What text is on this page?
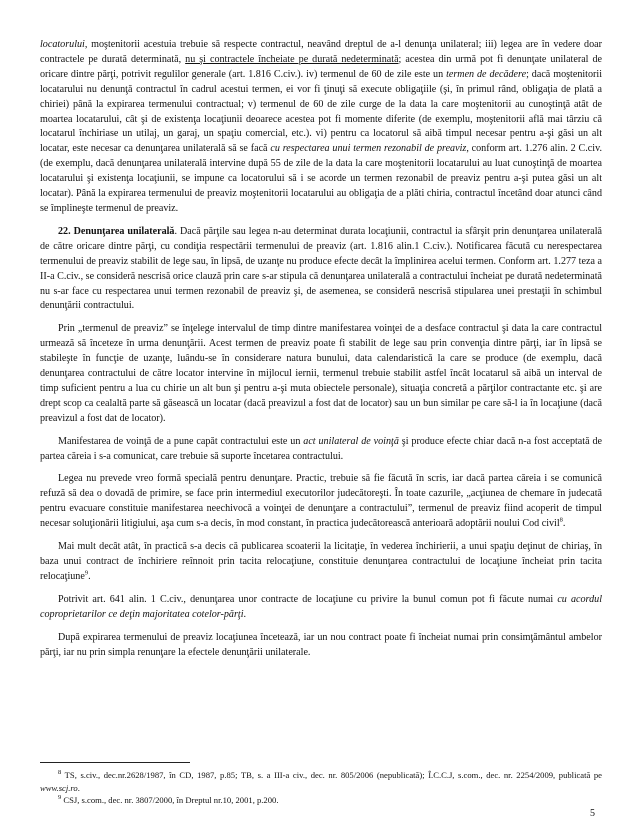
locatorului, moştenitorii acestuia trebuie să respecte contractul, neavând dreptul de a-l denunţa unilateral; iii) legea are în vedere doar contractele pe durată determinată, nu şi contractele încheiate pe durată nedeterminată; acestea din urmă pot fi denunţate unilateral de oricare dintre părţi, potrivit regulilor generale (art. 1.816 C.civ.). iv) termenul de 60 de zile este un termen de decădere; dacă moştenitorii locatarului nu denunţă contractul în cadrul acestui termen, ei vor fi ţinuţi să execute obligaţiile (şi, în primul rând, obligaţia de plată a chiriei) până la expirarea termenului contractual; v) termenul de 60 de zile curge de la data la care moştenitorii au cunoştinţă atât de moartea locatarului, cât şi de existenţa locaţiunii deoarece acestea pot fi momente diferite (de exemplu, moştenitorii află mai târziu că locatarul închiriase un utilaj, un garaj, un spaţiu comercial, etc.). vi) pentru ca locatorul să aibă timpul necesar pentru a-şi găsi un alt locatar, este necesar ca denunţarea unilaterală să se facă cu respectarea unui termen rezonabil de preaviz, conform art. 1.276 alin. 2 C.civ. (de exemplu, dacă denunţarea unilaterală intervine după 55 de zile de la data la care moştenitorii locatarului au luat cunoştinţă de moartea locatarului şi existenţa locaţiunii, se impune ca locatorului să i se acorde un termen rezonabil de preaviz pentru a-şi putea găsi un alt locatar). Până la expirarea termenului de preaviz moştenitorii locatarului au obligaţia de a plăti chiria, contractul încetând doar atunci când se împlineşte termenul de preaviz.

22. Denunţarea unilaterală. Dacă părţile sau legea n-au determinat durata locaţiunii, contractul ia sfârşit prin denunţarea unilaterală de către oricare dintre părţi, cu condiţia respectării termenului de preaviz (art. 1.816 alin.1 C.civ.). Notificarea făcută cu nerespectarea termenului de preaviz stabilit de lege sau, în lipsă, de uzanţe nu produce efecte decât la împlinirea acelui termen. Conform art. 1.277 teza a II-a C.civ., se consideră nescrisă orice clauză prin care s-ar stipula că denunţarea unilaterală a contractului încheiat pe durată nedeterminată nu s-ar face cu respectarea unui termen rezonabil de preaviz şi, de asemenea, se consideră nescrisă stipularea unei prestaţii în schimbul denunţării contractului.

Prin „termenul de preaviz” se înţelege intervalul de timp dintre manifestarea voinţei de a desface contractul şi data la care contractul urmează să înceteze în urma denunţării. Acest termen de preaviz poate fi stabilit de lege sau prin convenţia dintre părţi, iar în lipsă se stabileşte în funcţie de uzanţe, luându-se în considerare natura bunului, data calendaristică la care se produce (de exemplu, dacă denunţarea contractului de către locator intervine în mijlocul iernii, termenul trebuie stabilit astfel încât locatarul să aibă un interval de timp suficient pentru a lua cu chirie un alt bun şi pentru a-şi muta obiectele personale), situaţia concretă a părţilor contractante etc. şi are drept scop ca cealaltă parte să găsească un locatar (dacă preavizul a fost dat de locator) sau un bun similar pe care să-l ia în locaţiune (dacă preavizul a fost dat de locator).

Manifestarea de voinţă de a pune capăt contractului este un act unilateral de voinţă şi produce efecte chiar dacă n-a fost acceptată de partea căreia i s-a comunicat, care trebuie să suporte încetarea contractului.

Legea nu prevede vreo formă specială pentru denunţare. Practic, trebuie să fie făcută în scris, iar dacă partea căreia i se comunică refuză să dea o dovadă de primire, se face prin intermediul executorilor judecătoreşti. În toate cazurile, „acţiunea de chemare în judecată pentru evacuare constituie manifestarea neechivocă a voinţei de denunţare a contractului”, termenul de preaviz fiind acoperit de timpul necesar soluţionării litigiului, aşa cum s-a decis, în mod constant, în practica judecătorească anterioară adoptării noului Cod civil$^8$.

Mai mult decât atât, în practică s-a decis că publicarea scoaterii la licitaţie, în vederea închirierii, a unui spaţiu deţinut de chiriaş, în baza unui contract de închiriere reînnoit prin tacita relocaţiune, constituie denunţarea contractului de locaţiune încheiat prin tacita relocaţiune$^9$.

Potrivit art. 641 alin. 1 C.civ., denunţarea unor contracte de locaţiune cu privire la bunul comun pot fi făcute numai cu acordul coproprietarilor ce deţin majoritatea cotelor-părţi.

După expirarea termenului de preaviz locaţiunea încetează, iar un nou contract poate fi încheiat numai prin consimţământul ambelor părţi, iar nu prin simpla renunţare la efectele denunţării unilaterale.

$^8$ TS, s.civ., dec.nr.2628/1987, în CD, 1987, p.85; TB, s. a III-a civ., dec. nr. 805/2006 (nepublicată); Î.C.C.J, s.com., dec. nr. 2254/2009, publicată pe www.scj.ro.

$^9$ CSJ, s.com., dec. nr. 3807/2000, în Dreptul nr.10, 2001, p.200.

5
